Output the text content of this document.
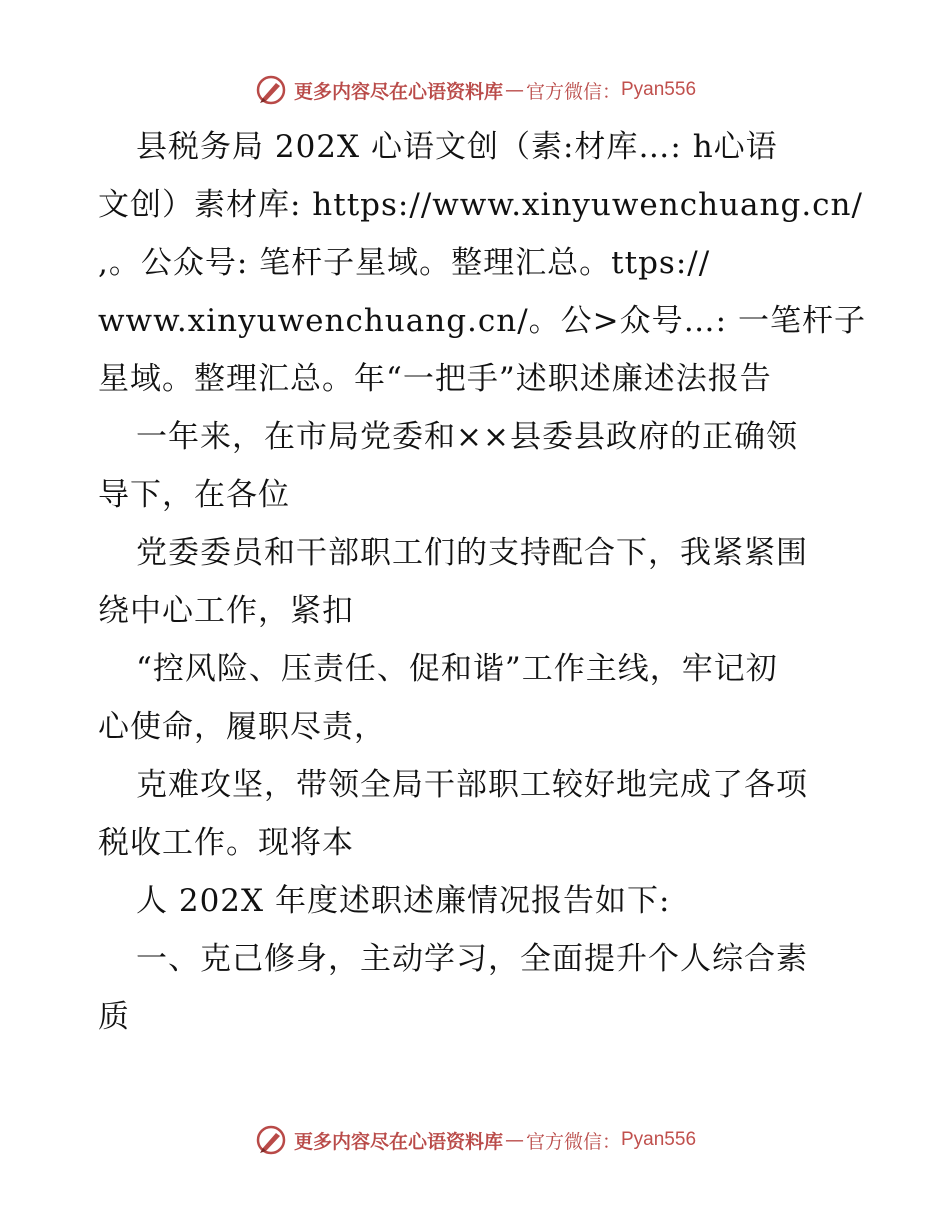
更多内容尽在心语资料库 — 官方微信： Pyan556
县税务局 202X 心语文创（素:材库…: h心语
文创）素材库: https://www.xinyuwenchuang.cn/
,。公众号: 笔杆子星域。整理汇总。ttps://
www.xinyuwenchuang.cn/。公>众号…: 一笔杆子
星域。整理汇总。年“一把手”述职述廉述法报告
一年来，在市局党委和××县委县政府的正确领
导下，在各位
党委委员和干部职工们的支持配合下，我紧紧围
绕中心工作，紧扣
“控风险、压责任、促和谐”工作主线，牢记初
心使命，履职尽责，
克难攻坚，带领全局干部职工较好地完成了各项
税收工作。现将本
人 202X 年度述职述廉情况报告如下:
一、克己修身，主动学习，全面提升个人综合素
质
更多内容尽在心语资料库 — 官方微信： Pyan556
